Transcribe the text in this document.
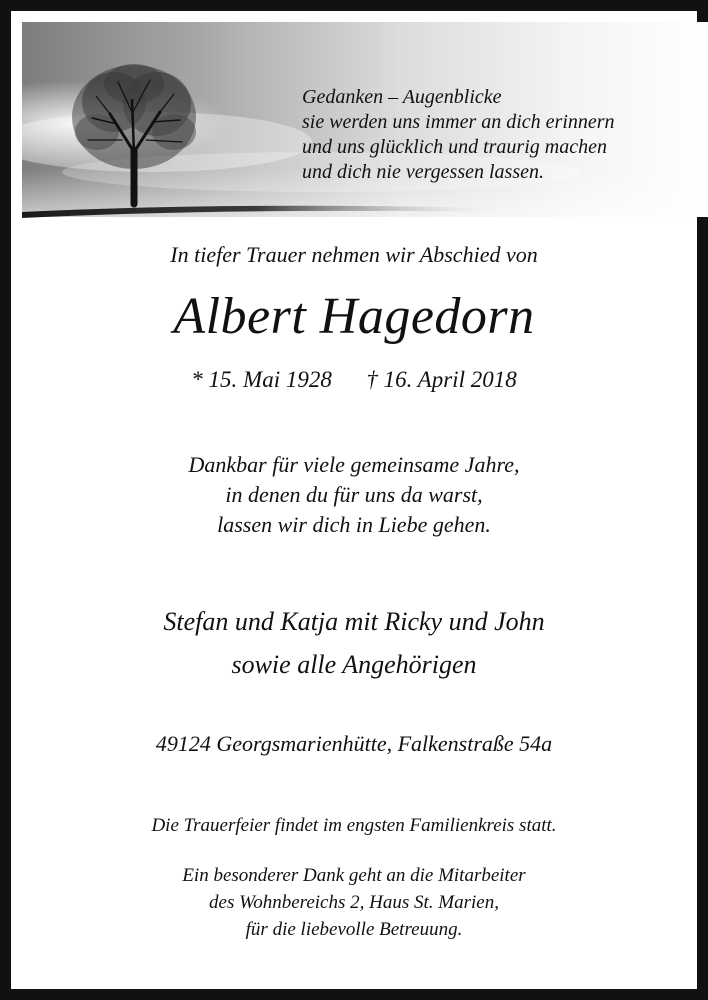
Gedanken – Augenblicke
sie werden uns immer an dich erinnern
und uns glücklich und traurig machen
und dich nie vergessen lassen.

In tiefer Trauer nehmen wir Abschied von

Albert Hagedorn

* 15. Mai 1928 † 16. April 2018

Dankbar für viele gemeinsame Jahre,
in denen du für uns da warst,
lassen wir dich in Liebe gehen.

Stefan und Katja mit Ricky und John
sowie alle Angehörigen

49124 Georgsmarienhütte, Falkenstraße 54a

Die Trauerfeier findet im engsten Familienkreis statt.

Ein besonderer Dank geht an die Mitarbeiter
des Wohnbereichs 2, Haus St. Marien,
für die liebevolle Betreuung.
